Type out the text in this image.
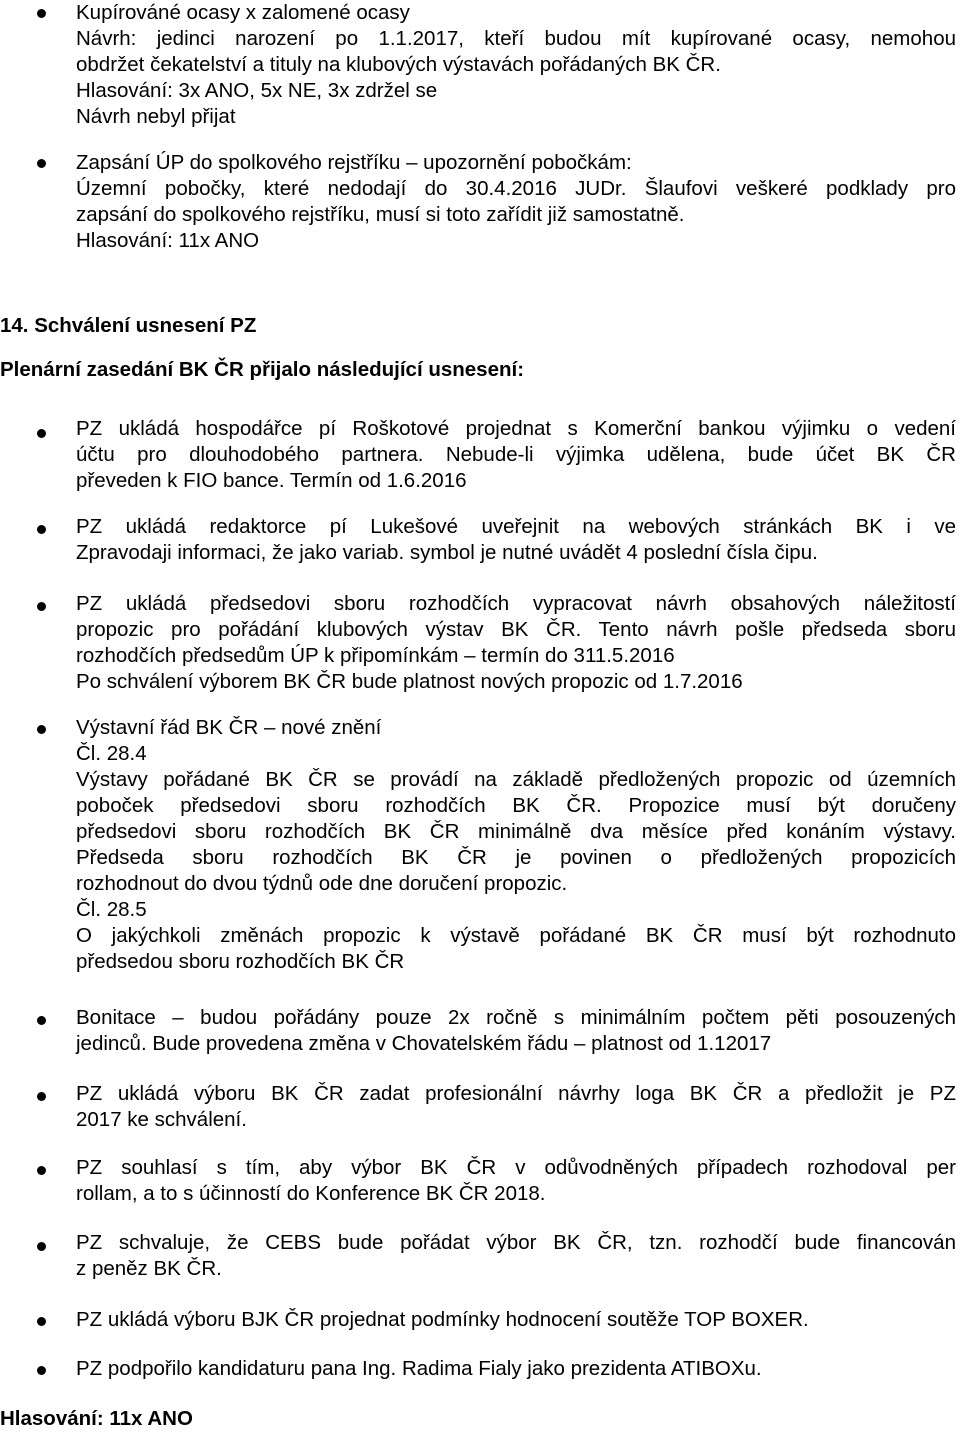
Kupírováné ocasy x zalomené ocasy
Návrh: jedinci narození po 1.1.2017, kteří budou mít kupírované ocasy, nemohou
obdržet čekatelství a tituly na klubových výstavách pořádaných BK ČR.
Hlasování: 3x ANO, 5x NE, 3x zdržel se
Návrh nebyl přijat
Zapsání ÚP do spolkového rejstříku – upozornění pobočkám:
Územní pobočky, které nedodají do 30.4.2016 JUDr. Šlaufovi veškeré podklady pro
zapsání do spolkového rejstříku, musí si toto zařídit již samostatně.
Hlasování: 11x ANO
14. Schválení usnesení PZ
Plenární zasedání BK ČR přijalo následující usnesení:
PZ ukládá hospodářce pí Roškotové projednat s Komerční bankou výjimku o vedení
účtu pro dlouhodobého partnera. Nebude-li výjimka udělena, bude účet BK ČR
převeden k FIO bance. Termín od 1.6.2016
PZ ukládá redaktorce pí Lukešové uveřejnit na webových stránkách BK i ve
Zpravodaji informaci, že jako variab. symbol je nutné uvádět 4 poslední čísla čipu.
PZ ukládá předsedovi sboru rozhodčích vypracovat návrh obsahových náležitostí
propozic pro pořádání klubových výstav BK ČR. Tento návrh pošle předseda sboru
rozhodčích předsedům ÚP k připomínkám – termín do 311.5.2016
Po schválení výborem BK ČR bude platnost nových propozic od 1.7.2016
Výstavní řád BK ČR – nové znění
Čl. 28.4
Výstavy pořádané BK ČR se provádí na základě předložených propozic od územních
poboček předsedovi sboru rozhodčích BK ČR. Propozice musí být doručeny
předsedovi sboru rozhodčích BK ČR minimálně dva měsíce před konáním výstavy.
Předseda sboru rozhodčích BK ČR je povinen o předložených propozicích
rozhodnout do dvou týdnů ode dne doručení propozic.
Čl. 28.5
O jakýchkoli změnách propozic k výstavě pořádané BK ČR musí být rozhodnuto
předsedou sboru rozhodčích BK ČR
Bonitace – budou pořádány pouze 2x ročně s minimálním počtem pěti posouzených
jedinců. Bude provedena změna v Chovatelském řádu – platnost od 1.12017
PZ ukládá výboru BK ČR zadat profesionální návrhy loga BK ČR a předložit je PZ
2017 ke schválení.
PZ souhlasí s tím, aby výbor BK ČR v odůvodněných případech rozhodoval per
rollam, a to s účinností do Konference BK ČR 2018.
PZ schvaluje, že CEBS bude pořádat výbor BK ČR, tzn. rozhodčí bude financován
z peněz BK ČR.
PZ ukládá výboru BJK ČR projednat podmínky hodnocení soutěže TOP BOXER.
PZ podpořilo kandidaturu pana Ing. Radima Fialy jako prezidenta ATIBOXu.
Hlasování: 11x ANO
